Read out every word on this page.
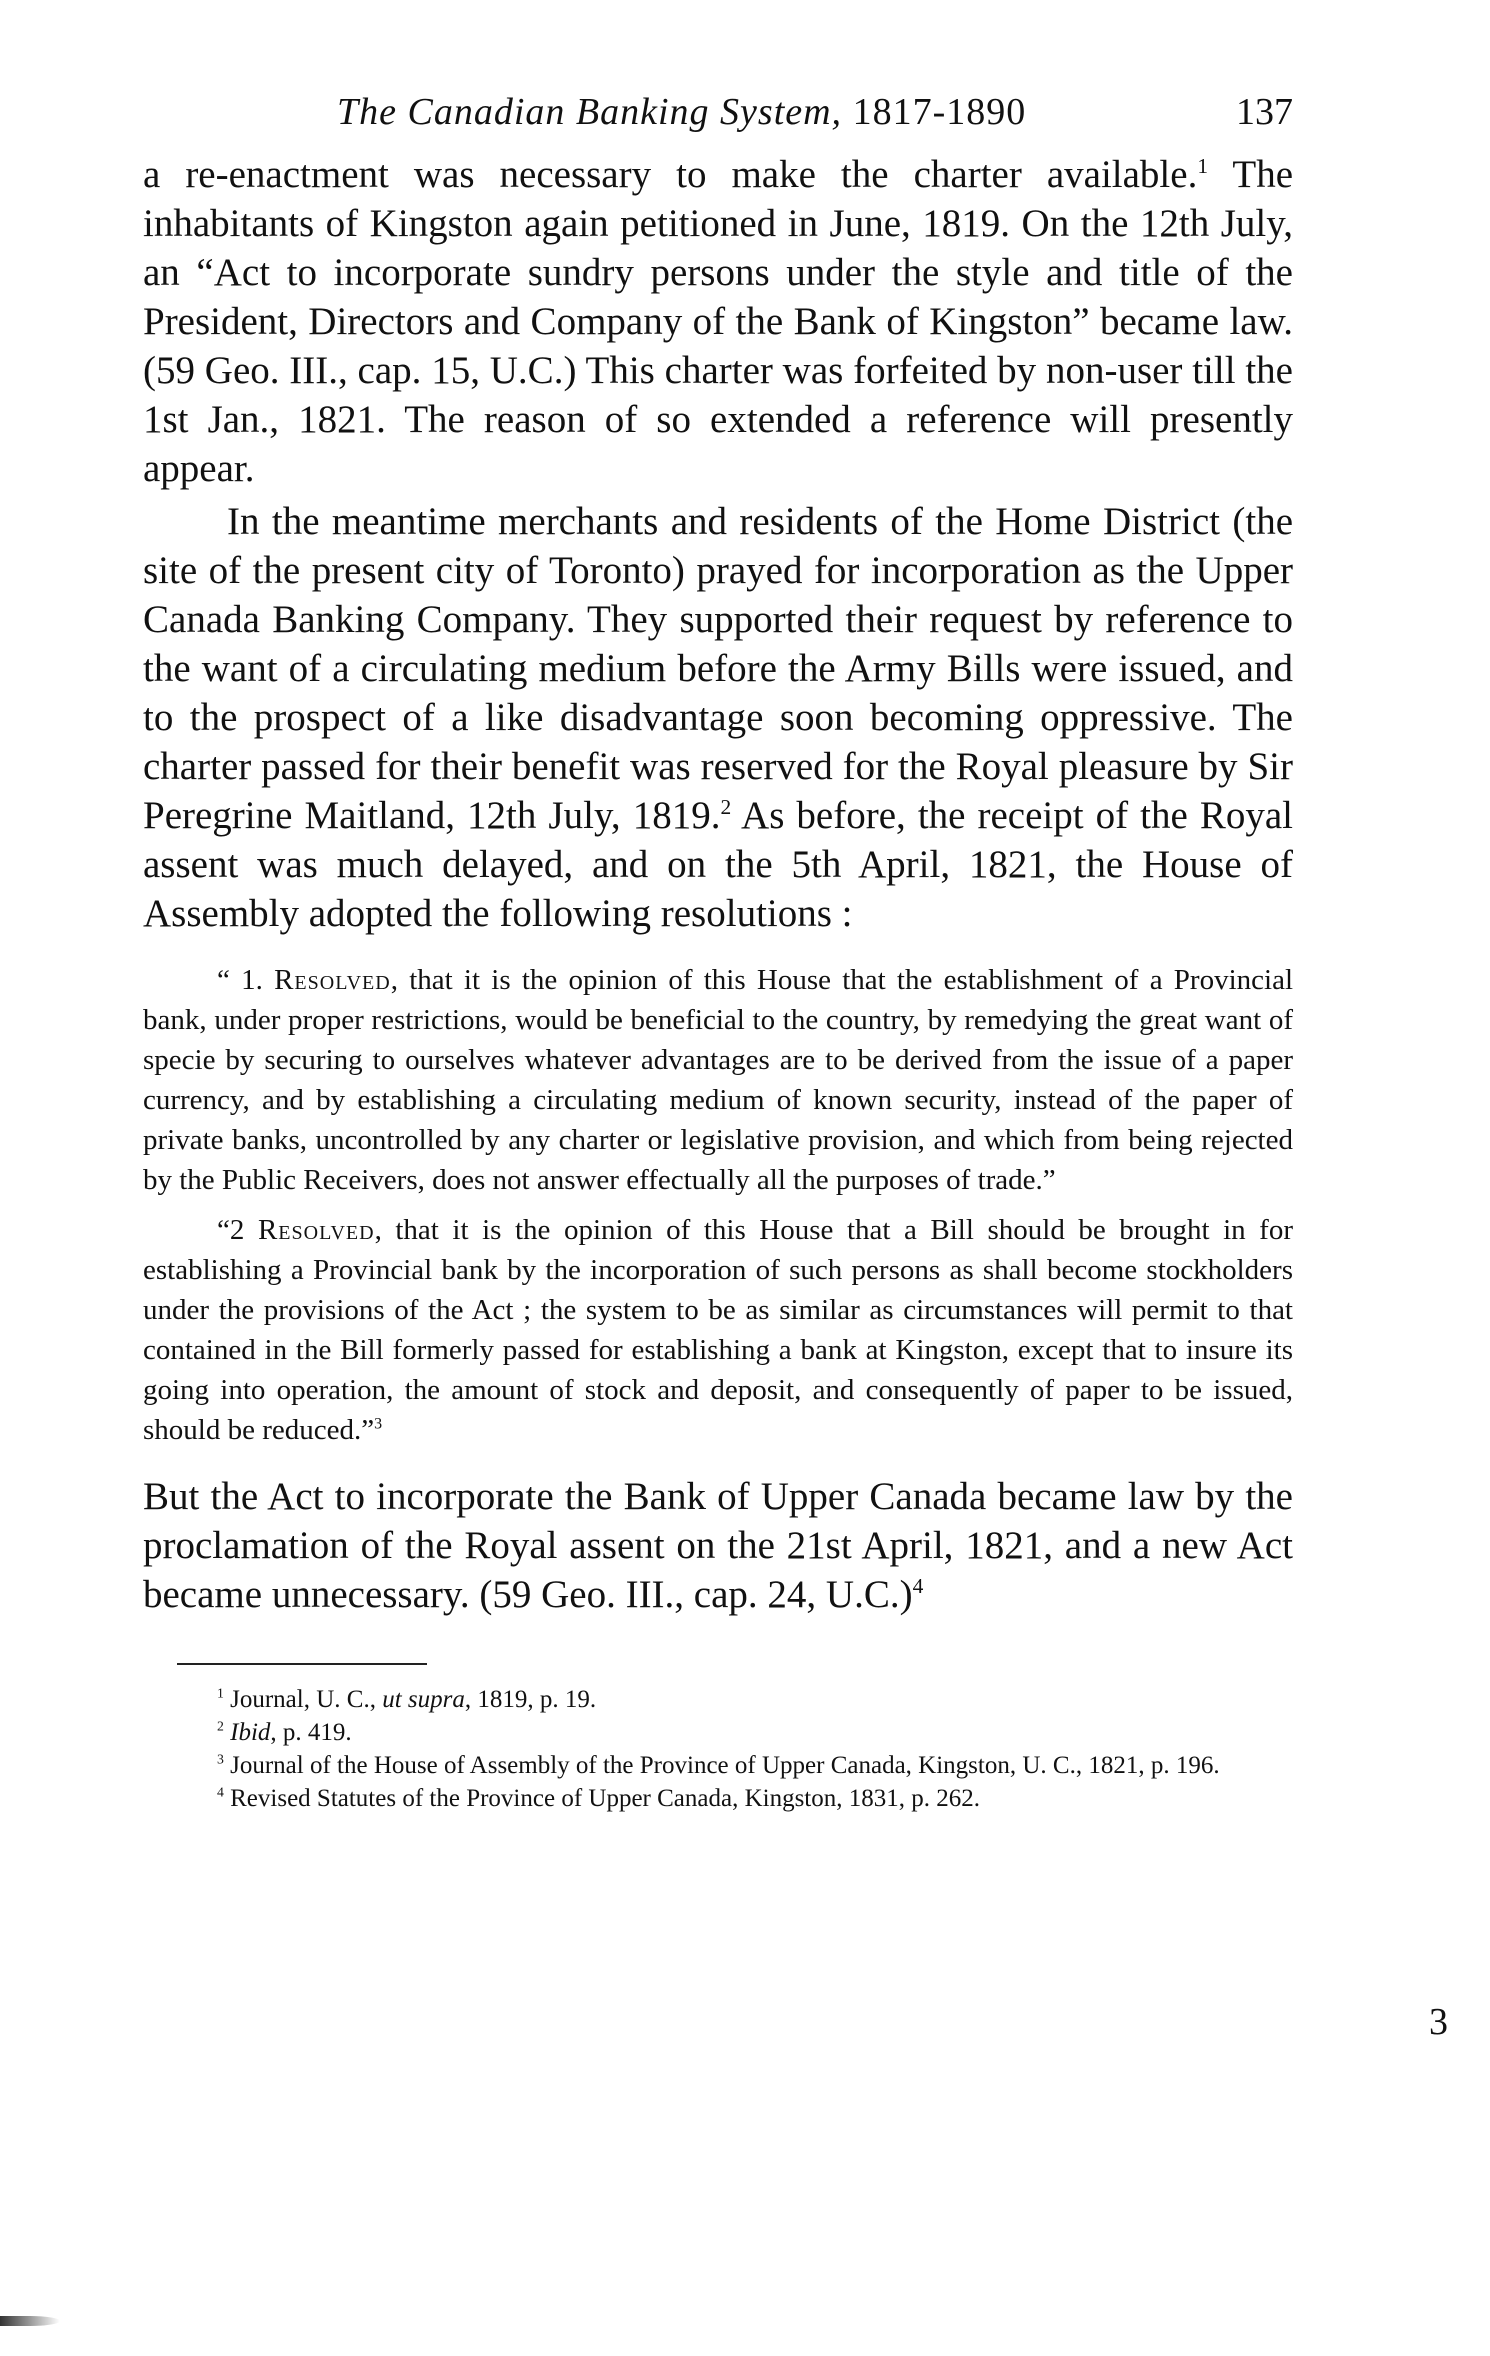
The Canadian Banking System, 1817-1890	137

a re-enactment was necessary to make the charter available.$^1$ The inhabitants of Kingston again petitioned in June, 1819. On the 12th July, an “Act to incorporate sundry persons under the style and title of the President, Directors and Company of the Bank of Kingston” became law. (59 Geo. III., cap. 15, U.C.) This charter was forfeited by non-user till the 1st Jan., 1821. The reason of so extended a reference will presently appear.

In the meantime merchants and residents of the Home District (the site of the present city of Toronto) prayed for incorporation as the Upper Canada Banking Company. They supported their request by reference to the want of a circulating medium before the Army Bills were issued, and to the prospect of a like disadvantage soon becoming oppressive. The charter passed for their benefit was reserved for the Royal pleasure by Sir Peregrine Maitland, 12th July, 1819.$^2$ As before, the receipt of the Royal assent was much delayed, and on the 5th April, 1821, the House of Assembly adopted the following resolutions :

“ 1. Resolved, that it is the opinion of this House that the establishment of a Provincial bank, under proper restrictions, would be beneficial to the country, by remedying the great want of specie by securing to ourselves whatever advantages are to be derived from the issue of a paper currency, and by establishing a circulating medium of known security, instead of the paper of private banks, uncontrolled by any charter or legislative provision, and which from being rejected by the Public Receivers, does not answer effectually all the purposes of trade.”

“2 Resolved, that it is the opinion of this House that a Bill should be brought in for establishing a Provincial bank by the incorporation of such persons as shall become stockholders under the provisions of the Act ; the system to be as similar as circumstances will permit to that contained in the Bill formerly passed for establishing a bank at Kingston, except that to insure its going into operation, the amount of stock and deposit, and consequently of paper to be issued, should be reduced.”$^3$

But the Act to incorporate the Bank of Upper Canada became law by the proclamation of the Royal assent on the 21st April, 1821, and a new Act became unnecessary. (59 Geo. III., cap. 24, U.C.)$^4$

$^1$ Journal, U. C., ut supra, 1819, p. 19.

$^2$ Ibid, p. 419.

$^3$ Journal of the House of Assembly of the Province of Upper Canada, Kingston, U. C., 1821, p. 196.

$^4$ Revised Statutes of the Province of Upper Canada, Kingston, 1831, p. 262.

3
